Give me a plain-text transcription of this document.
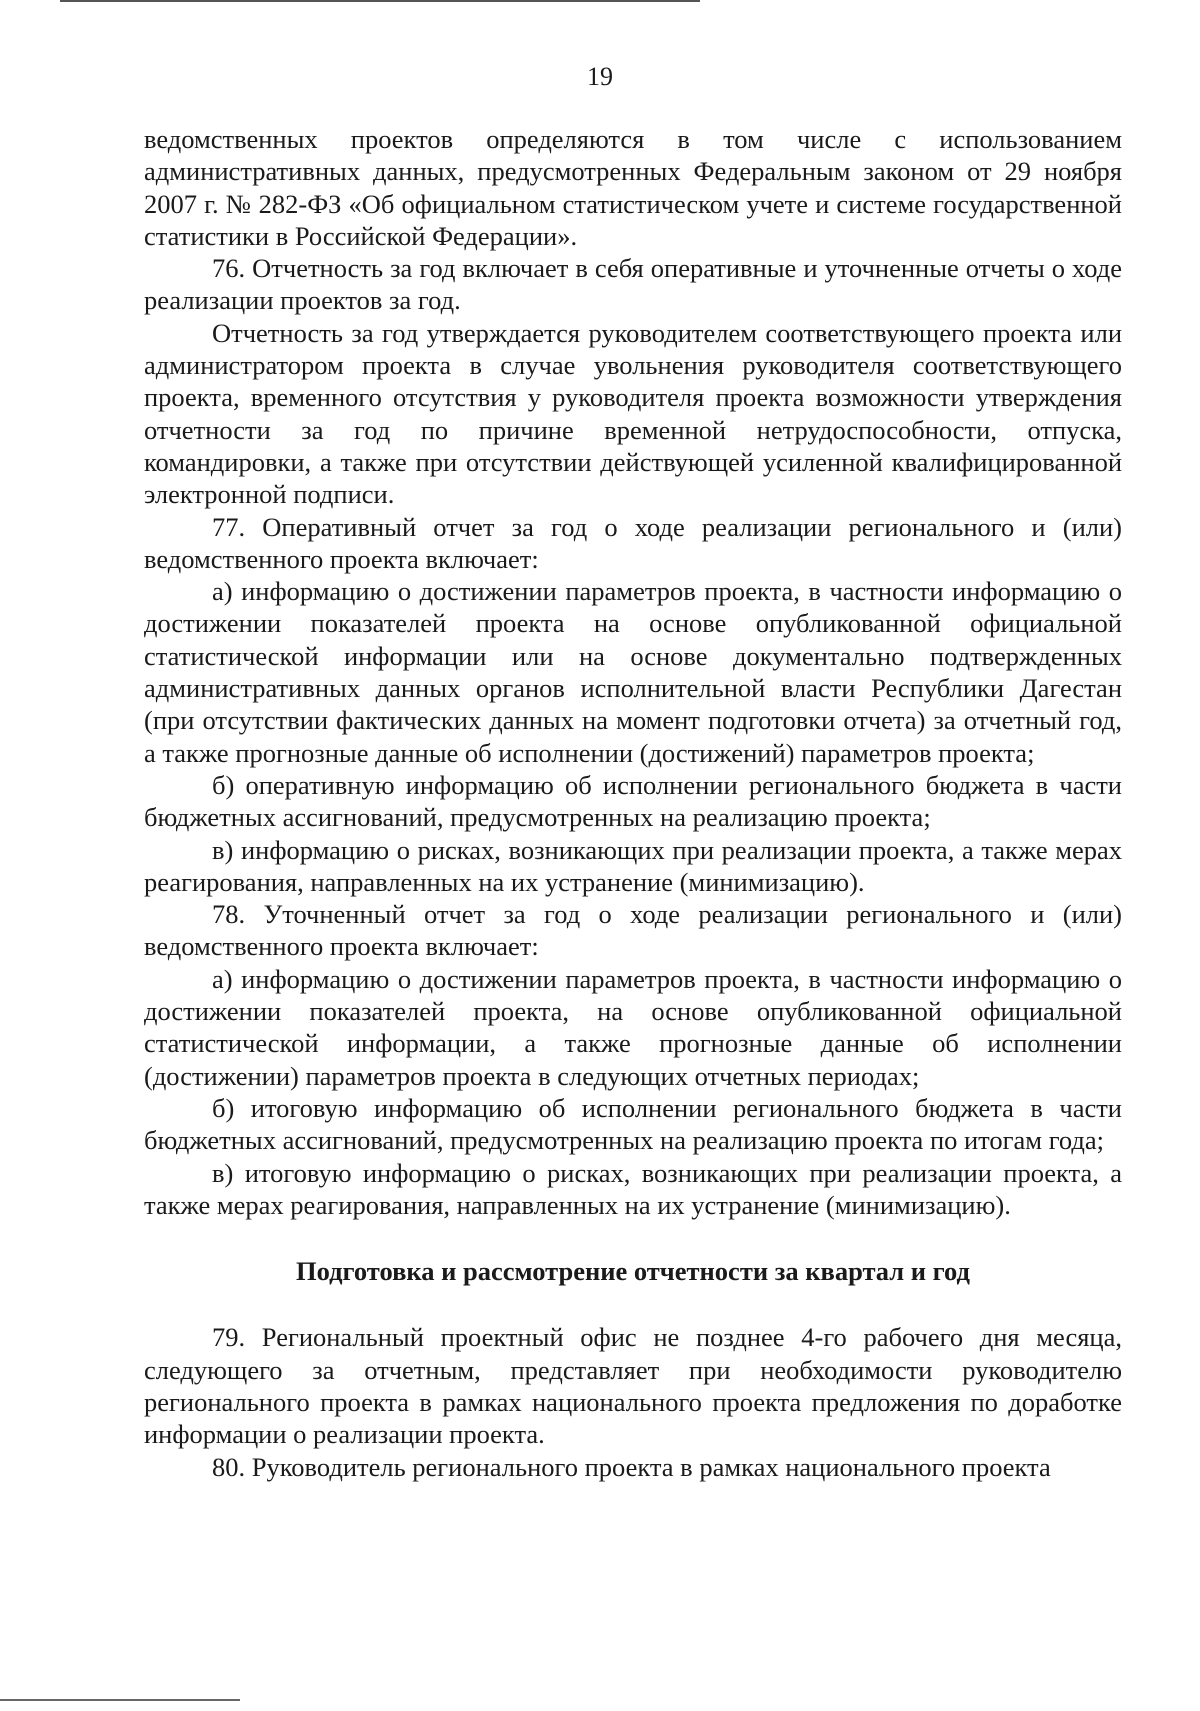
19

ведомственных проектов определяются в том числе с использованием административных данных, предусмотренных Федеральным законом от 29 ноября 2007 г. № 282-ФЗ «Об официальном статистическом учете и системе государственной статистики в Российской Федерации».

76. Отчетность за год включает в себя оперативные и уточненные отчеты о ходе реализации проектов за год.

Отчетность за год утверждается руководителем соответствующего проекта или администратором проекта в случае увольнения руководителя соответствующего проекта, временного отсутствия у руководителя проекта возможности утверждения отчетности за год по причине временной нетрудоспособности, отпуска, командировки, а также при отсутствии действующей усиленной квалифицированной электронной подписи.

77. Оперативный отчет за год о ходе реализации регионального и (или) ведомственного проекта включает:

а) информацию о достижении параметров проекта, в частности информацию о достижении показателей проекта на основе опубликованной официальной статистической информации или на основе документально подтвержденных административных данных органов исполнительной власти Республики Дагестан (при отсутствии фактических данных на момент подготовки отчета) за отчетный год, а также прогнозные данные об исполнении (достижений) параметров проекта;

б) оперативную информацию об исполнении регионального бюджета в части бюджетных ассигнований, предусмотренных на реализацию проекта;

в) информацию о рисках, возникающих при реализации проекта, а также мерах реагирования, направленных на их устранение (минимизацию).

78. Уточненный отчет за год о ходе реализации регионального и (или) ведомственного проекта включает:

а) информацию о достижении параметров проекта, в частности информацию о достижении показателей проекта, на основе опубликованной официальной статистической информации, а также прогнозные данные об исполнении (достижении) параметров проекта в следующих отчетных периодах;

б) итоговую информацию об исполнении регионального бюджета в части бюджетных ассигнований, предусмотренных на реализацию проекта по итогам года;

в) итоговую информацию о рисках, возникающих при реализации проекта, а также мерах реагирования, направленных на их устранение (минимизацию).

Подготовка и рассмотрение отчетности за квартал и год

79. Региональный проектный офис не позднее 4-го рабочего дня месяца, следующего за отчетным, представляет при необходимости руководителю регионального проекта в рамках национального проекта предложения по доработке информации о реализации проекта.

80. Руководитель регионального проекта в рамках национального проекта
